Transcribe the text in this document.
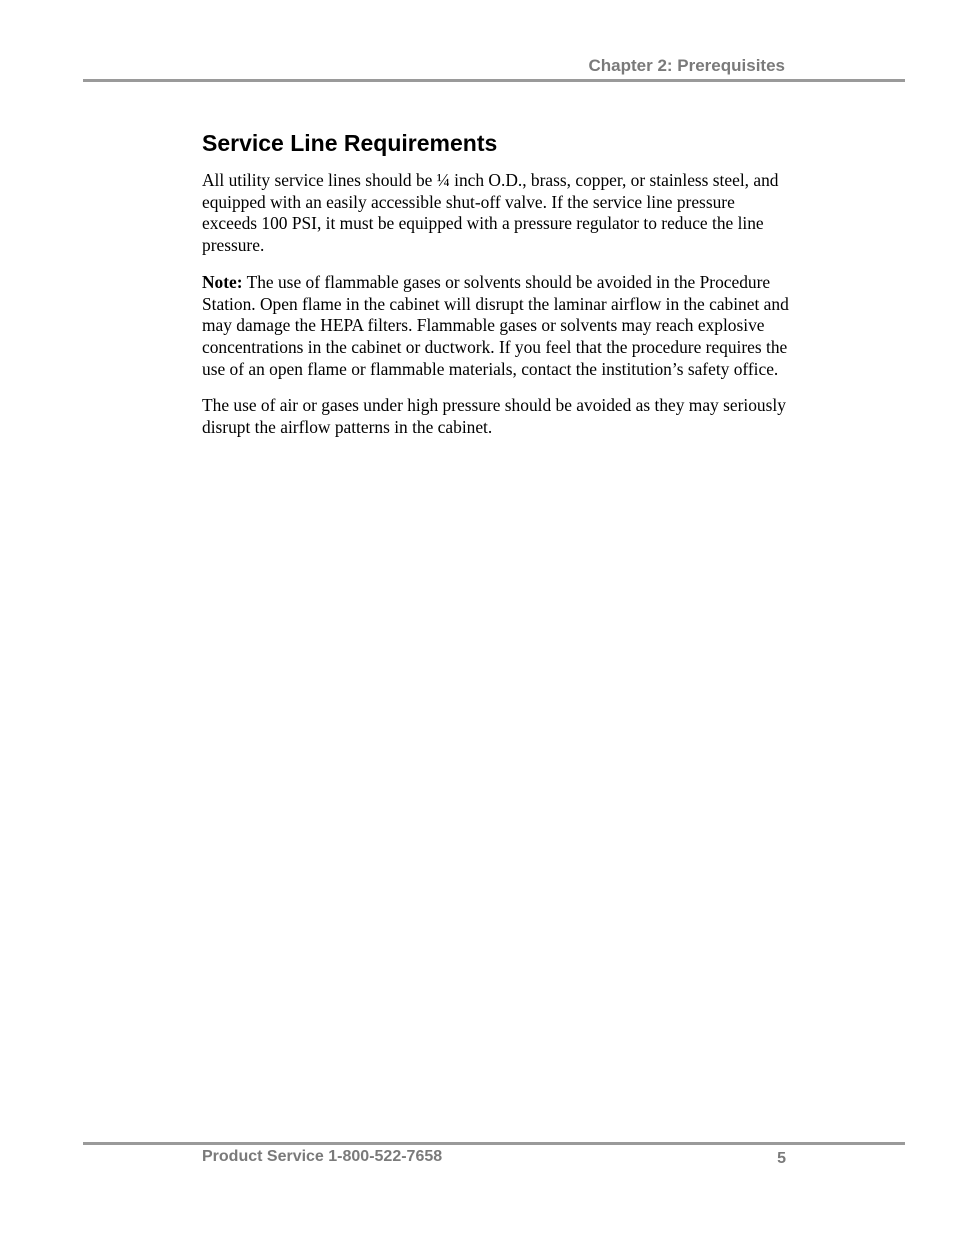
Chapter 2: Prerequisites
Service Line Requirements

All utility service lines should be ¼ inch O.D., brass, copper, or stainless steel, and equipped with an easily accessible shut-off valve. If the service line pressure exceeds 100 PSI, it must be equipped with a pressure regulator to reduce the line pressure.

Note: The use of flammable gases or solvents should be avoided in the Procedure Station. Open flame in the cabinet will disrupt the laminar airflow in the cabinet and may damage the HEPA filters. Flammable gases or solvents may reach explosive concentrations in the cabinet or ductwork. If you feel that the procedure requires the use of an open flame or flammable materials, contact the institution’s safety office.

The use of air or gases under high pressure should be avoided as they may seriously disrupt the airflow patterns in the cabinet.

Product Service 1-800-522-7658	5
